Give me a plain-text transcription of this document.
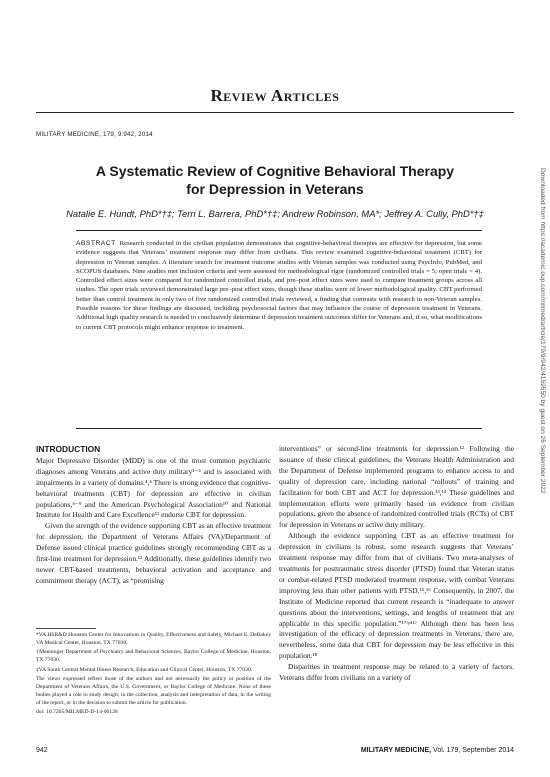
Review Articles
MILITARY MEDICINE, 179, 9:942, 2014
A Systematic Review of Cognitive Behavioral Therapy
for Depression in Veterans
Natalie E. Hundt, PhD*†‡; Terri L. Barrera, PhD*†‡; Andrew Robinson, MA*; Jeffrey A. Cully, PhD*†‡
ABSTRACT Research conducted in the civilian population demonstrates that cognitive-behavioral therapies are effective for depression, but some evidence suggests that Veterans’ treatment response may differ from civilians. This review examined cognitive-behavioral treatment (CBT) for depression in Veteran samples. A literature search for treatment outcome studies with Veteran samples was conducted using PsycInfo, PubMed, and SCOPUS databases. Nine studies met inclusion criteria and were assessed for methodological rigor (randomized controlled trials = 5; open trials = 4). Controlled effect sizes were compared for randomized controlled trials, and pre–post effect sizes were used to compare treatment groups across all studies. The open trials reviewed demonstrated large pre–post effect sizes, though these studies were of lower methodological quality. CBT performed better than control treatment in only two of five randomized controlled trials reviewed, a finding that contrasts with research in non-Veteran samples. Possible reasons for these findings are discussed, including psychosocial factors that may influence the course of depression treatment in Veterans. Additional high quality research is needed to conclusively determine if depression treatment outcomes differ for Veterans and, if so, what modifications to current CBT protocols might enhance response to treatment.
INTRODUCTION

Major Depressive Disorder (MDD) is one of the most common psychiatric diagnoses among Veterans and active duty military¹⁻³ and is associated with impairments in a variety of domains.⁴,⁵ There is strong evidence that cognitive-behavioral treatments (CBT) for depression are effective in civilian populations,⁶⁻⁹ and the American Psychological Association¹⁰ and National Institute for Health and Care Excellence¹¹ endorse CBT for depression.

Given the strength of the evidence supporting CBT as an effective treatment for depression, the Department of Veterans Affairs (VA)/Department of Defense issued clinical practice guidelines strongly recommending CBT as a first-line treatment for depression.¹² Additionally, these guidelines identify two newer CBT-based treatments, behavioral activation and acceptance and commitment therapy (ACT), as “promising

*VA HSR&D Houston Center for Innovations in Quality, Effectiveness and Safety, Michael E. DeBakey VA Medical Center, Houston, TX 77030.

†Menninger Department of Psychiatry and Behavioral Sciences, Baylor College of Medicine, Houston, TX 77030.

‡VA South Central Mental Illness Research, Education and Clinical Center, Houston, TX 77030.

The views expressed reflect those of the authors and not necessarily the policy or position of the Department of Veterans Affairs, the U.S. Government, or Baylor College of Medicine. None of these bodies played a role in study design; in the collection, analysis and interpretation of data, in the writing of the report, or in the decision to submit the article for publication.

doi: 10.7205/MILMED-D-14-00128

interventions” or second-line treatments for depression.¹² Following the issuance of these clinical guidelines, the Veterans Health Administration and the Department of Defense implemented programs to enhance access to and quality of depression care, including national “rollouts” of training and facilitation for both CBT and ACT for depression.¹³,¹⁴ These guidelines and implementation efforts were primarily based on evidence from civilian populations, given the absence of randomized controlled trials (RCTs) of CBT for depression in Veterans or active duty military.

Although the evidence supporting CBT as an effective treatment for depression in civilians is robust, some research suggests that Veterans’ treatment response may differ from that of civilians. Two meta-analyses of treatments for posttraumatic stress disorder (PTSD) found that Veteran status or combat-related PTSD moderated treatment response, with combat Veterans improving less than other patients with PTSD.¹⁵,¹⁶ Consequently, in 2007, the Institute of Medicine reported that current research is “inadequate to answer questions about the interventions, settings, and lengths of treatment that are applicable in this specific population.”¹⁷⁽ᵖ¹¹⁾ Although there has been less investigation of the efficacy of depression treatments in Veterans, there are, nevertheless, some data that CBT for depression may be less effective in this population.¹⁸

Disparities in treatment response may be related to a variety of factors. Veterans differ from civilians on a variety of

942	MILITARY MEDICINE, Vol. 179, September 2014
Downloaded from https://academic.oup.com/milmed/article/179/9/942/4159550 by guest on 26 September 2022
